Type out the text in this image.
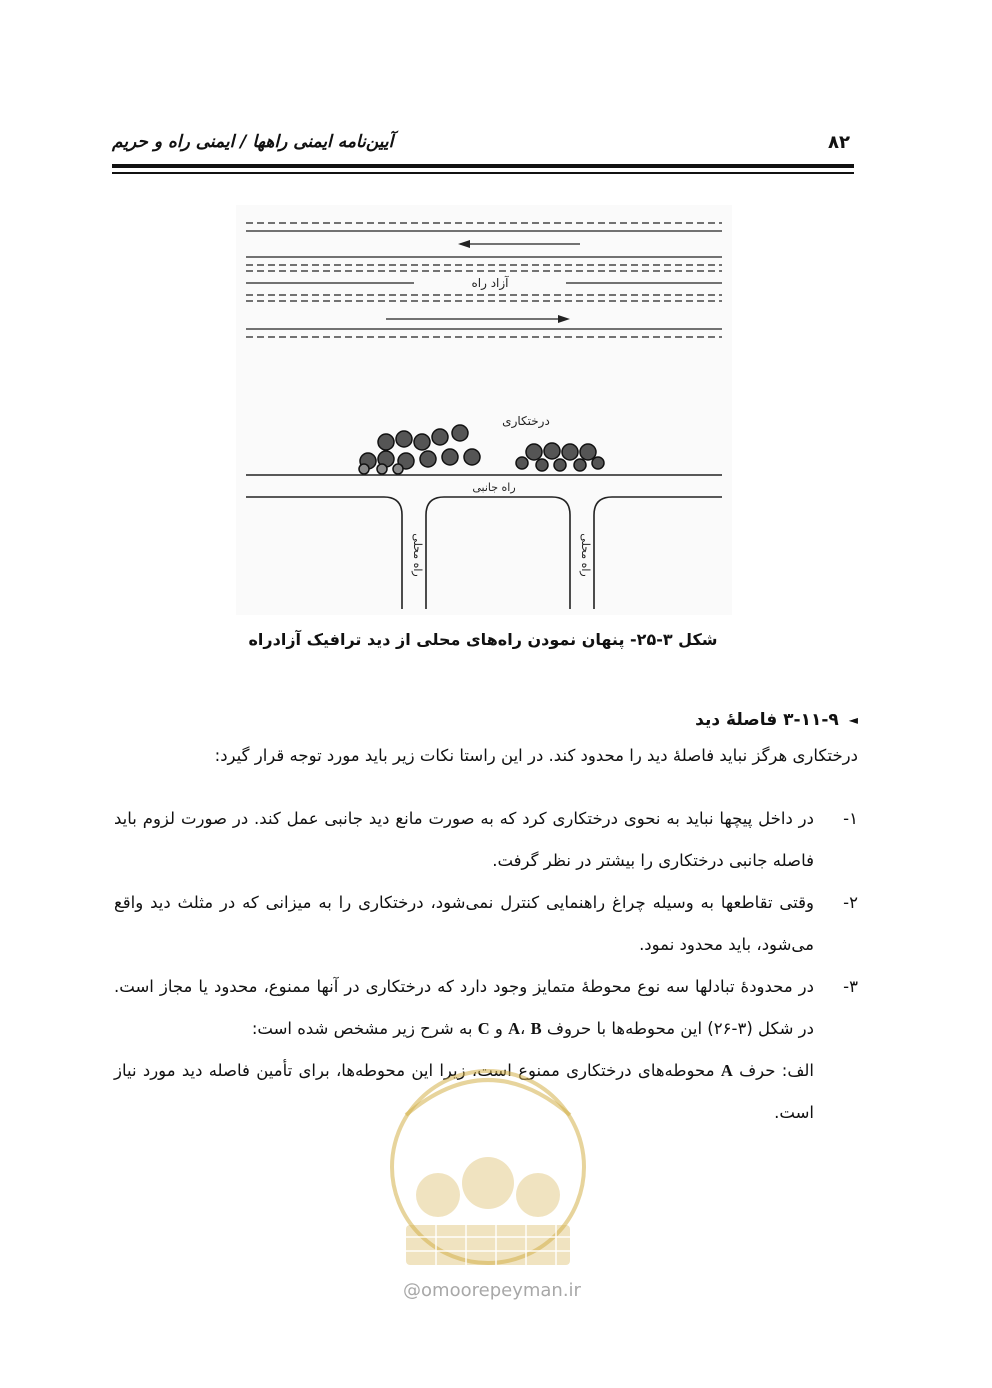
۸۲
آیین‌نامه ایمنی راهها / ایمنی راه و حریم
آزاد راه
درختکاری
راه جانبی
راه محلی	راه محلی
شکل ۳-۲۵- پنهان نمودن راه‌های محلی از دید ترافیک آزادراه
◄
۳-۱۱-۹ فاصلهٔ دید
درختکاری هرگز نباید فاصلهٔ دید را محدود کند. در این راستا نکات زیر باید مورد توجه قرار گیرد:
۱-
در داخل پیچها نباید به نحوی درختکاری کرد که به صورت مانع دید جانبی عمل کند. در صورت لزوم باید فاصله جانبی درختکاری را بیشتر در نظر گرفت.
۲-
وقتی تقاطعها به وسیله چراغ راهنمایی کنترل نمی‌شود، درختکاری را به میزانی که در مثلث دید واقع می‌شود، باید محدود نمود.
۳-
در محدودهٔ تبادلها سه نوع محوطهٔ متمایز وجود دارد که درختکاری در آنها ممنوع، محدود یا مجاز است. در شکل (۳-۲۶) این محوطه‌ها با حروف A، B و C به شرح زیر مشخص شده است:
الف: حرف A محوطه‌های درختکاری ممنوع است، زیرا این محوطه‌ها، برای تأمین فاصله دید مورد نیاز است.
@omoorepeyman.ir
